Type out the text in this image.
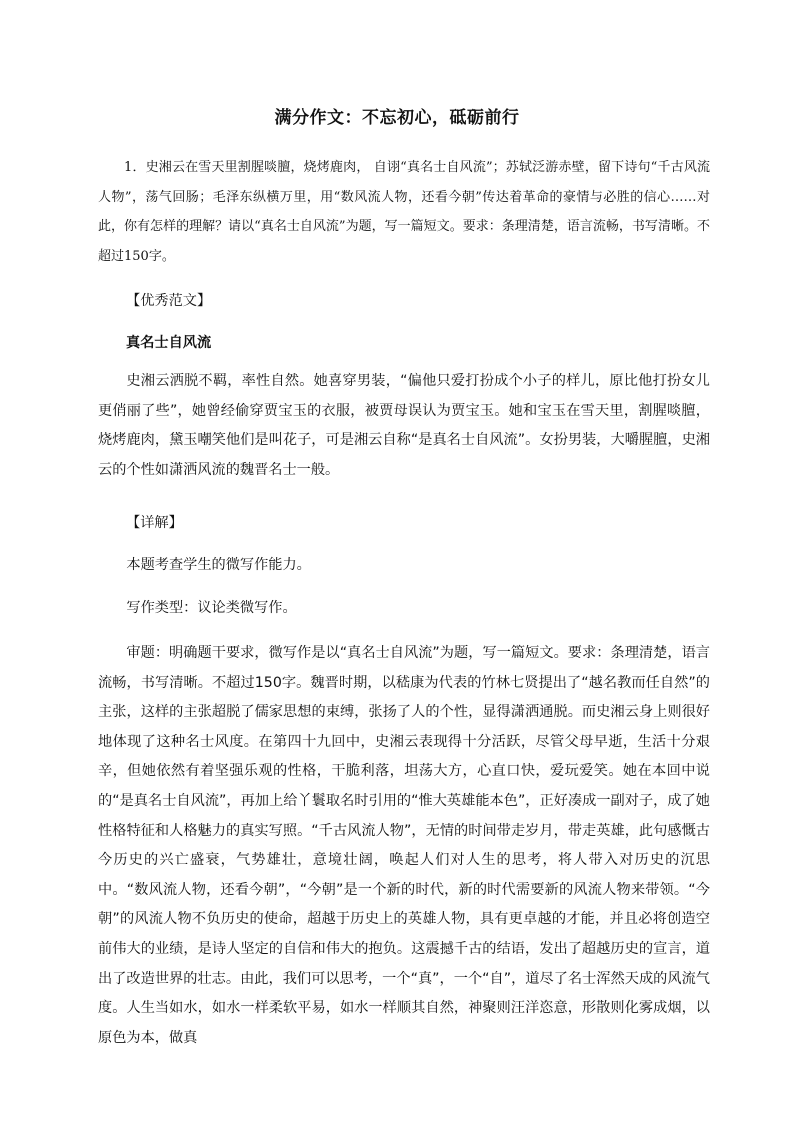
满分作文：不忘初心，砥砺前行

1．史湘云在雪天里割腥啖膻，烧烤鹿肉， 自诩“真名士自风流”；苏轼泛游赤壁，留下诗句“千古风流人物”，荡气回肠；毛泽东纵横万里，用“数风流人物，还看今朝”传达着革命的豪情与必胜的信心……对此，你有怎样的理解？请以“真名士自风流”为题，写一篇短文。要求：条理清楚，语言流畅，书写清晰。不超过150字。

【优秀范文】
真名士自风流

史湘云洒脱不羁，率性自然。她喜穿男装，“偏他只爱打扮成个小子的样儿，原比他打扮女儿更俏丽了些”，她曾经偷穿贾宝玉的衣服，被贾母误认为贾宝玉。她和宝玉在雪天里，割腥啖膻，烧烤鹿肉，黛玉嘲笑他们是叫花子，可是湘云自称“是真名士自风流”。女扮男装，大嚼腥膻，史湘云的个性如潇洒风流的魏晋名士一般。

【详解】

本题考查学生的微写作能力。

写作类型：议论类微写作。

审题：明确题干要求，微写作是以“真名士自风流”为题，写一篇短文。要求：条理清楚，语言流畅，书写清晰。不超过150字。魏晋时期，以嵇康为代表的竹林七贤提出了“越名教而任自然”的主张，这样的主张超脱了儒家思想的束缚，张扬了人的个性，显得潇洒通脱。而史湘云身上则很好地体现了这种名士风度。在第四十九回中，史湘云表现得十分活跃，尽管父母早逝，生活十分艰辛，但她依然有着坚强乐观的性格，干脆利落，坦荡大方，心直口快，爱玩爱笑。她在本回中说的“是真名士自风流”，再加上给丫鬟取名时引用的“惟大英雄能本色”，正好凑成一副对子，成了她性格特征和人格魅力的真实写照。“千古风流人物”，无情的时间带走岁月，带走英雄，此句感慨古今历史的兴亡盛衰，气势雄壮，意境壮阔，唤起人们对人生的思考，将人带入对历史的沉思中。“数风流人物，还看今朝”，“今朝”是一个新的时代，新的时代需要新的风流人物来带领。“今朝”的风流人物不负历史的使命，超越于历史上的英雄人物，具有更卓越的才能，并且必将创造空前伟大的业绩，是诗人坚定的自信和伟大的抱负。这震撼千古的结语，发出了超越历史的宣言，道出了改造世界的壮志。由此，我们可以思考，一个“真”，一个“自”，道尽了名士浑然天成的风流气度。人生当如水，如水一样柔软平易，如水一样顺其自然，神聚则汪洋恣意，形散则化雾成烟，以原色为本，做真
